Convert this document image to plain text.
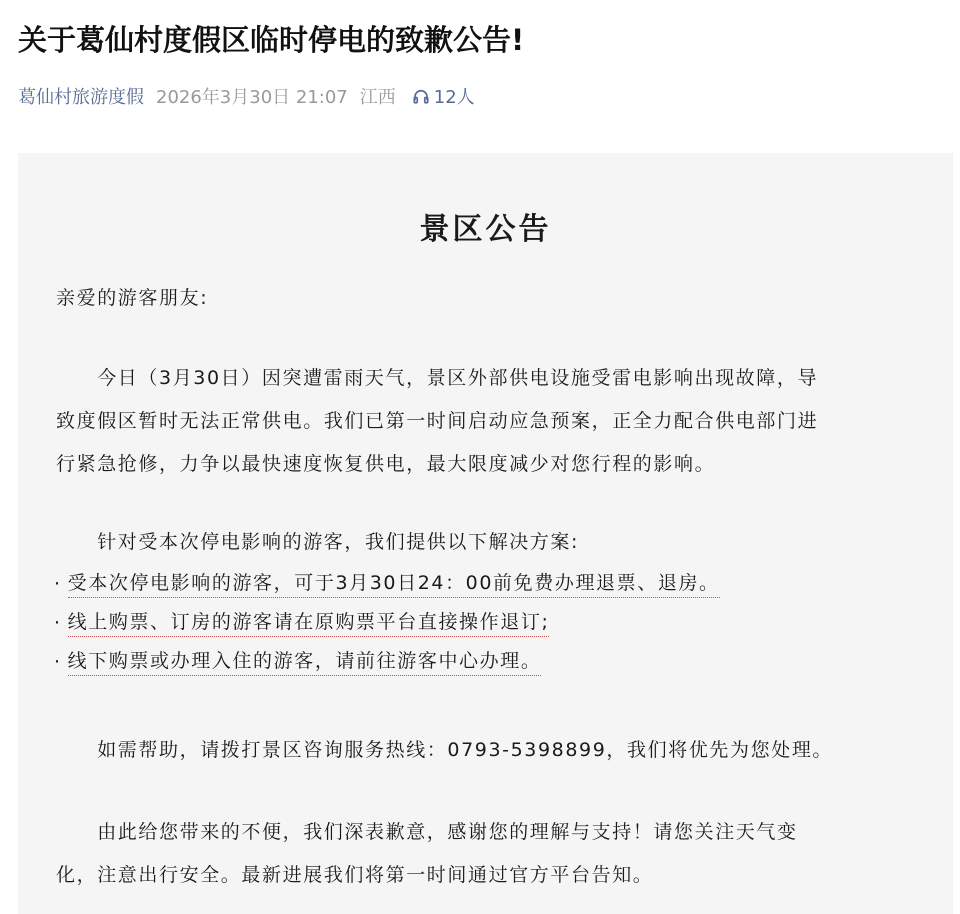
关于葛仙村度假区临时停电的致歉公告!
葛仙村旅游度假 2026年3月30日 21:07 江西 12人
景区公告
亲爱的游客朋友:
　　今日（3月30日）因突遭雷雨天气，景区外部供电设施受雷电影响出现故障，导
致度假区暂时无法正常供电。我们已第一时间启动应急预案，正全力配合供电部门进
行紧急抢修，力争以最快速度恢复供电，最大限度减少对您行程的影响。
　　针对受本次停电影响的游客，我们提供以下解决方案:
· 受本次停电影响的游客，可于3月30日24：00前免费办理退票、退房。
· 线上购票、订房的游客请在原购票平台直接操作退订;
· 线下购票或办理入住的游客，请前往游客中心办理。
　　如需帮助，请拨打景区咨询服务热线：0793-5398899，我们将优先为您处理。
　　由此给您带来的不便，我们深表歉意，感谢您的理解与支持！请您关注天气变
化，注意出行安全。最新进展我们将第一时间通过官方平台告知。
